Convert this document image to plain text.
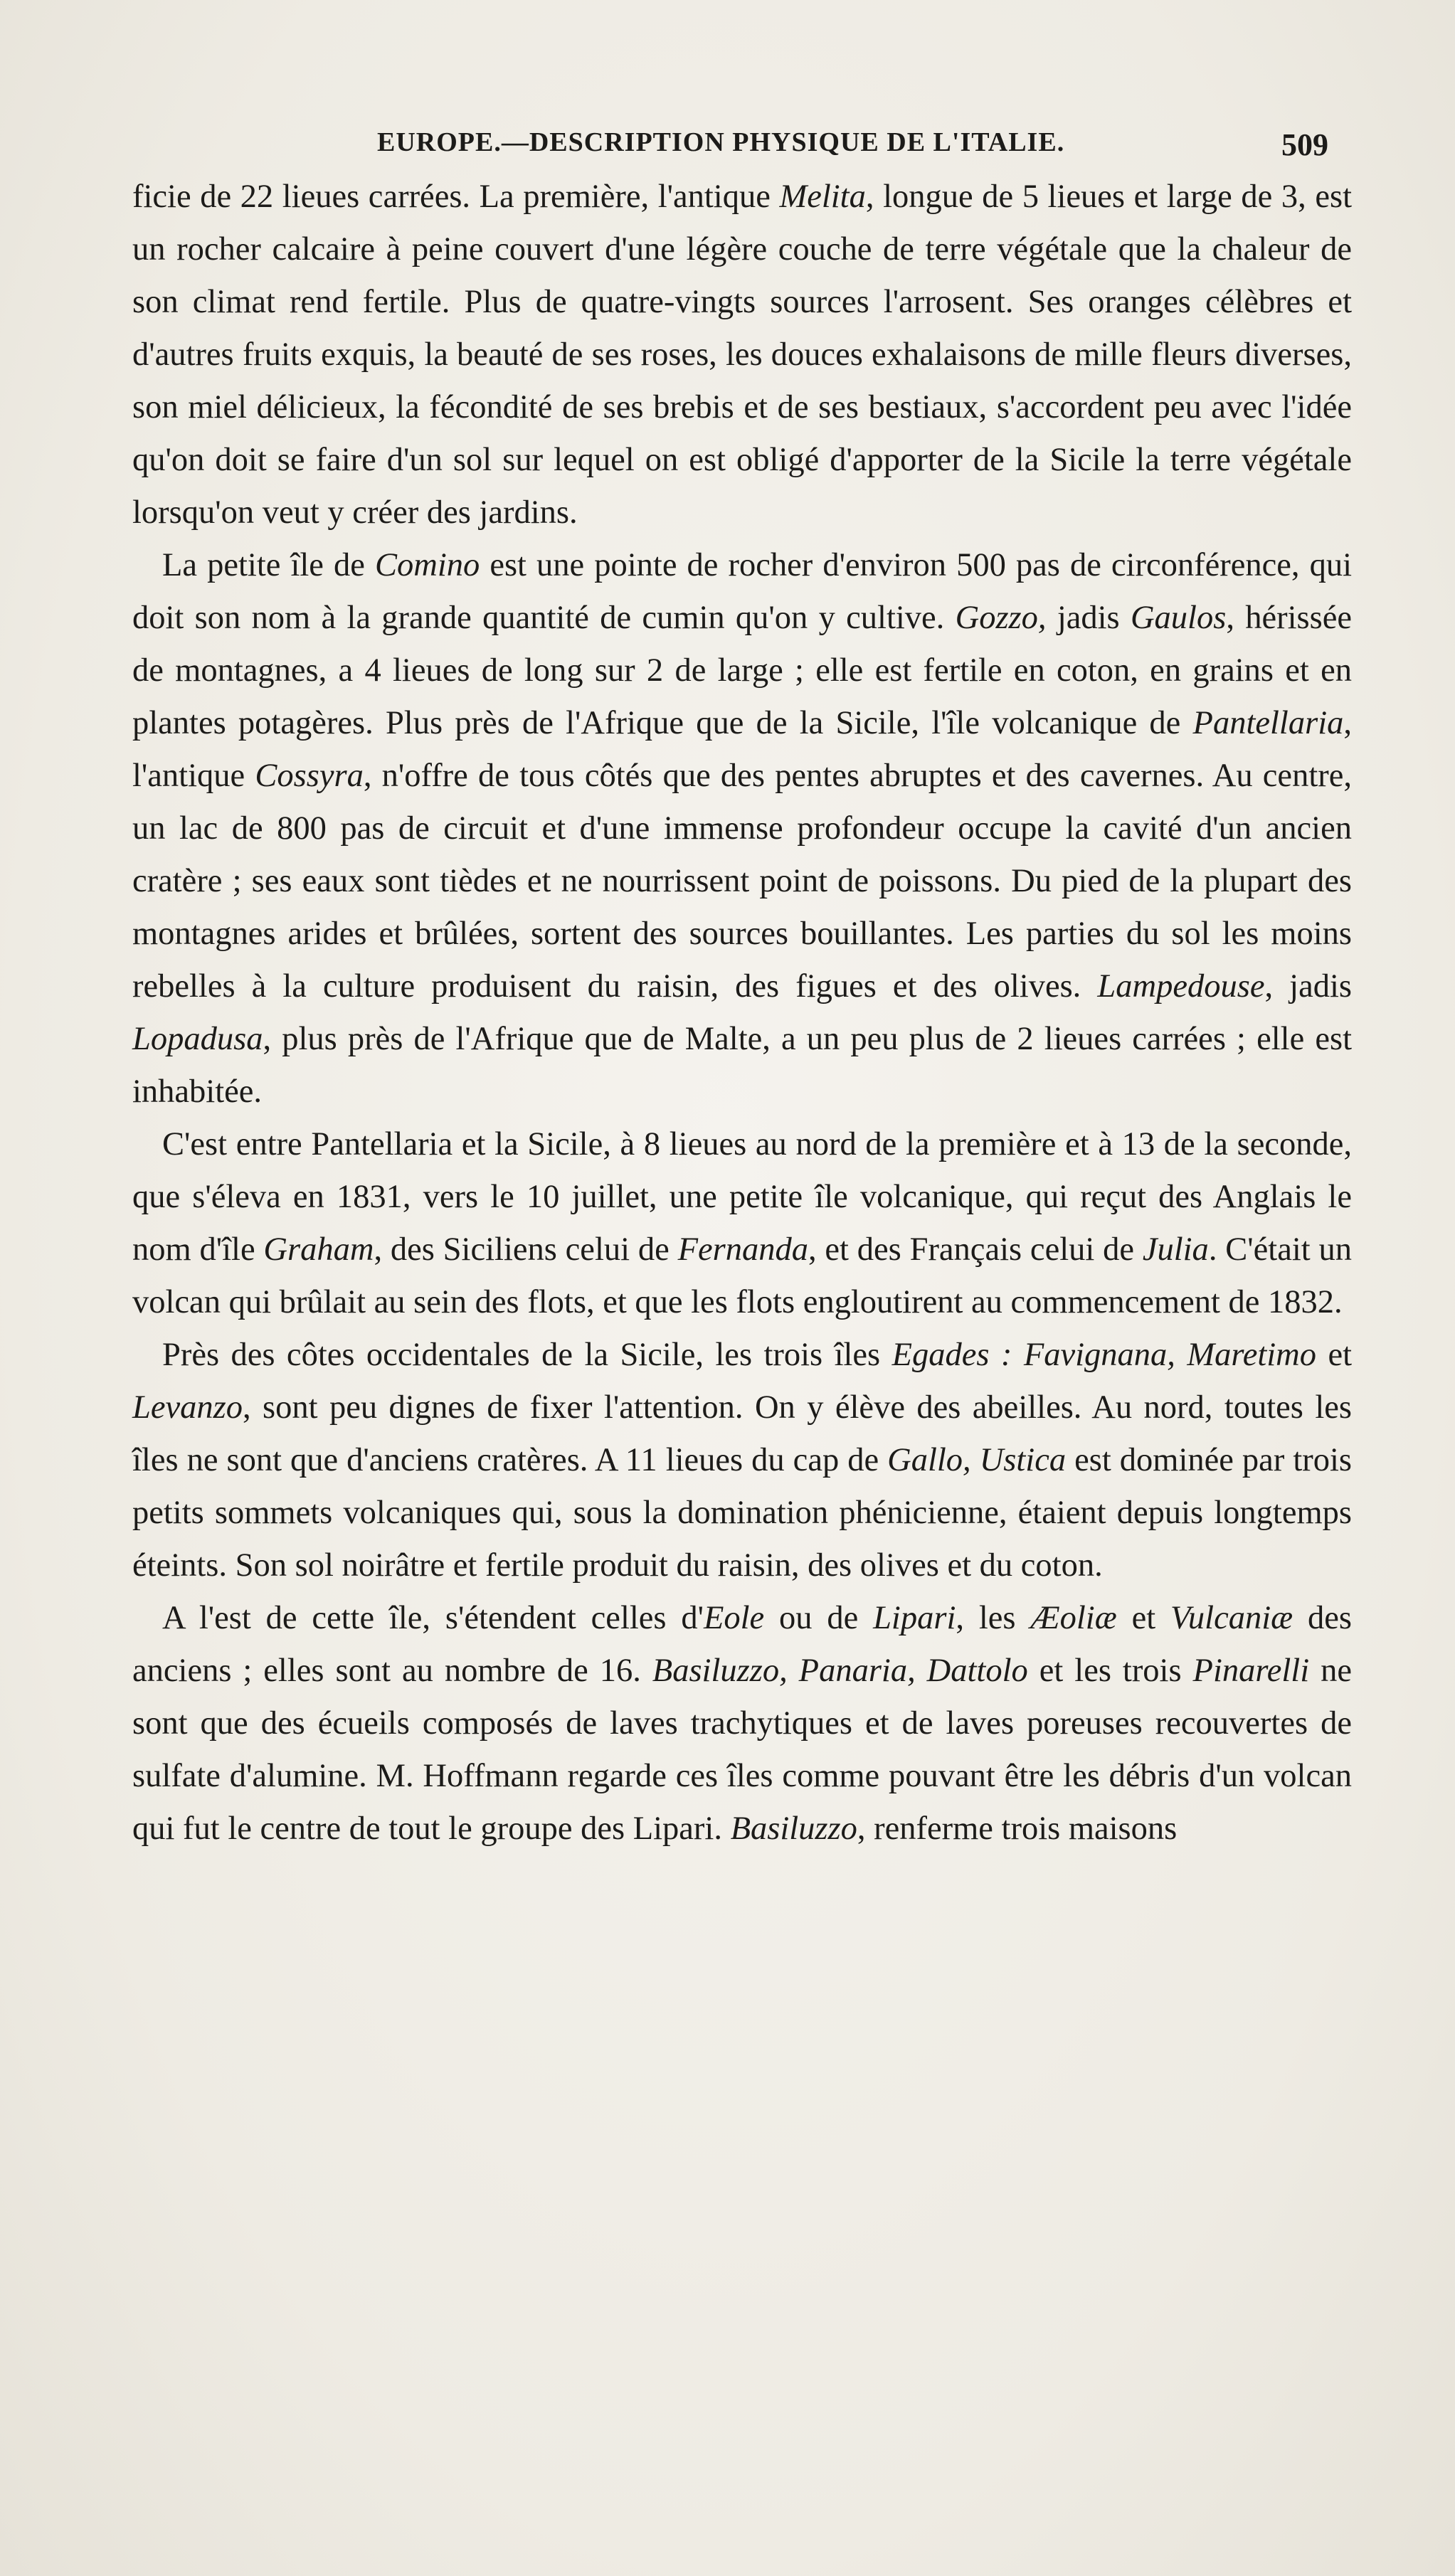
EUROPE.—DESCRIPTION PHYSIQUE DE L'ITALIE.	509

ficie de 22 lieues carrées. La première, l'antique Melita, longue de 5 lieues et large de 3, est un rocher calcaire à peine couvert d'une légère couche de terre végétale que la chaleur de son climat rend fertile. Plus de quatre-vingts sources l'arrosent. Ses oranges célèbres et d'autres fruits exquis, la beauté de ses roses, les douces exhalaisons de mille fleurs diverses, son miel délicieux, la fécondité de ses brebis et de ses bestiaux, s'accordent peu avec l'idée qu'on doit se faire d'un sol sur lequel on est obligé d'apporter de la Sicile la terre végétale lorsqu'on veut y créer des jardins.

La petite île de Comino est une pointe de rocher d'environ 500 pas de circonférence, qui doit son nom à la grande quantité de cumin qu'on y cultive. Gozzo, jadis Gaulos, hérissée de montagnes, a 4 lieues de long sur 2 de large ; elle est fertile en coton, en grains et en plantes potagères. Plus près de l'Afrique que de la Sicile, l'île volcanique de Pantellaria, l'antique Cossyra, n'offre de tous côtés que des pentes abruptes et des cavernes. Au centre, un lac de 800 pas de circuit et d'une immense profondeur occupe la cavité d'un ancien cratère ; ses eaux sont tièdes et ne nourrissent point de poissons. Du pied de la plupart des montagnes arides et brûlées, sortent des sources bouillantes. Les parties du sol les moins rebelles à la culture produisent du raisin, des figues et des olives. Lampedouse, jadis Lopadusa, plus près de l'Afrique que de Malte, a un peu plus de 2 lieues carrées ; elle est inhabitée.

C'est entre Pantellaria et la Sicile, à 8 lieues au nord de la première et à 13 de la seconde, que s'éleva en 1831, vers le 10 juillet, une petite île volcanique, qui reçut des Anglais le nom d'île Graham, des Siciliens celui de Fernanda, et des Français celui de Julia. C'était un volcan qui brûlait au sein des flots, et que les flots engloutirent au commencement de 1832.

Près des côtes occidentales de la Sicile, les trois îles Egades : Favignana, Maretimo et Levanzo, sont peu dignes de fixer l'attention. On y élève des abeilles. Au nord, toutes les îles ne sont que d'anciens cratères. A 11 lieues du cap de Gallo, Ustica est dominée par trois petits sommets volcaniques qui, sous la domination phénicienne, étaient depuis longtemps éteints. Son sol noirâtre et fertile produit du raisin, des olives et du coton.

A l'est de cette île, s'étendent celles d'Eole ou de Lipari, les Æoliæ et Vulcaniæ des anciens ; elles sont au nombre de 16. Basiluzzo, Panaria, Dattolo et les trois Pinarelli ne sont que des écueils composés de laves trachytiques et de laves poreuses recouvertes de sulfate d'alumine. M. Hoffmann regarde ces îles comme pouvant être les débris d'un volcan qui fut le centre de tout le groupe des Lipari. Basiluzzo, renferme trois maisons
